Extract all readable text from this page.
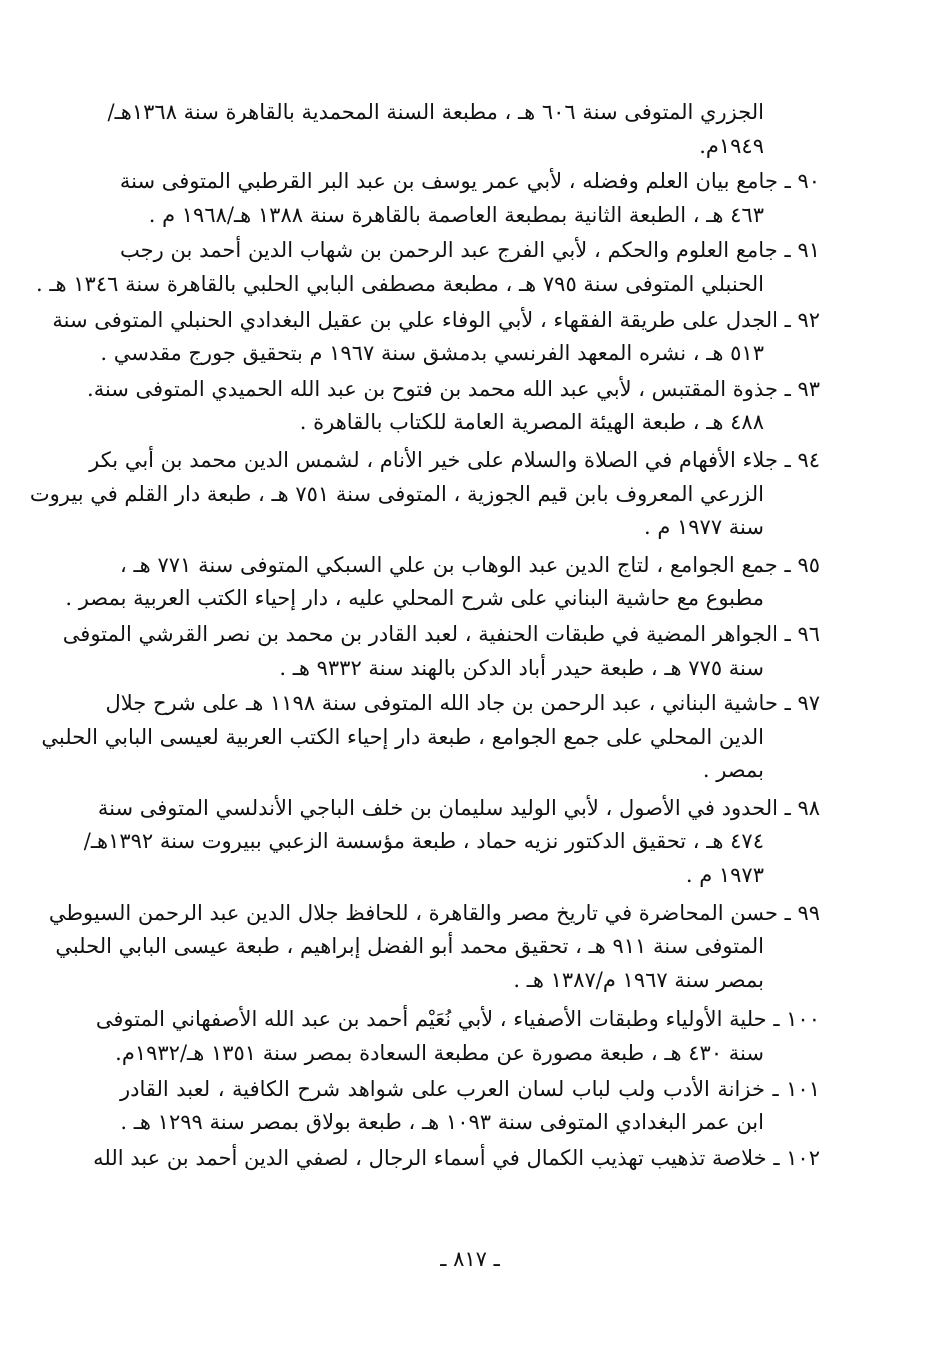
الجزري المتوفى سنة ٦٠٦ هـ ، مطبعة السنة المحمدية بالقاهرة سنة ١٣٦٨هـ/
١٩٤٩م.
٩٠ ـ جامع بيان العلم وفضله ، لأبي عمر يوسف بن عبد البر القرطبي المتوفى سنة
٤٦٣ هـ ، الطبعة الثانية بمطبعة العاصمة بالقاهرة سنة ١٣٨٨ هـ/١٩٦٨ م .
٩١ ـ جامع العلوم والحكم ، لأبي الفرج عبد الرحمن بن شهاب الدين أحمد بن رجب
الحنبلي المتوفى سنة ٧٩٥ هـ ، مطبعة مصطفى البابي الحلبي بالقاهرة سنة ١٣٤٦ هـ .
٩٢ ـ الجدل على طريقة الفقهاء ، لأبي الوفاء علي بن عقيل البغدادي الحنبلي المتوفى سنة
٥١٣ هـ ، نشره المعهد الفرنسي بدمشق سنة ١٩٦٧ م بتحقيق جورج مقدسي .
٩٣ ـ جذوة المقتبس ، لأبي عبد الله محمد بن فتوح بن عبد الله الحميدي المتوفى سنة.
٤٨٨ هـ ، طبعة الهيئة المصرية العامة للكتاب بالقاهرة .
٩٤ ـ جلاء الأفهام في الصلاة والسلام على خير الأنام ، لشمس الدين محمد بن أبي بكر
الزرعي المعروف بابن قيم الجوزية ، المتوفى سنة ٧٥١ هـ ، طبعة دار القلم في بيروت
سنة ١٩٧٧ م .
٩٥ ـ جمع الجوامع ، لتاج الدين عبد الوهاب بن علي السبكي المتوفى سنة ٧٧١ هـ ،
مطبوع مع حاشية البناني على شرح المحلي عليه ، دار إحياء الكتب العربية بمصر .
٩٦ ـ الجواهر المضية في طبقات الحنفية ، لعبد القادر بن محمد بن نصر القرشي المتوفى
سنة ٧٧٥ هـ ، طبعة حيدر أباد الدكن بالهند سنة ٩٣٣٢ هـ .
٩٧ ـ حاشية البناني ، عبد الرحمن بن جاد الله المتوفى سنة ١١٩٨ هـ على شرح جلال
الدين المحلي على جمع الجوامع ، طبعة دار إحياء الكتب العربية لعيسى البابي الحلبي
بمصر .
٩٨ ـ الحدود في الأصول ، لأبي الوليد سليمان بن خلف الباجي الأندلسي المتوفى سنة
٤٧٤ هـ ، تحقيق الدكتور نزيه حماد ، طبعة مؤسسة الزعبي ببيروت سنة ١٣٩٢هـ/
١٩٧٣ م .
٩٩ ـ حسن المحاضرة في تاريخ مصر والقاهرة ، للحافظ جلال الدين عبد الرحمن السيوطي
المتوفى سنة ٩١١ هـ ، تحقيق محمد أبو الفضل إبراهيم ، طبعة عيسى البابي الحلبي
بمصر سنة ١٩٦٧ م/١٣٨٧ هـ .
١٠٠ ـ حلية الأولياء وطبقات الأصفياء ، لأبي نُعَيْم أحمد بن عبد الله الأصفهاني المتوفى
سنة ٤٣٠ هـ ، طبعة مصورة عن مطبعة السعادة بمصر سنة ١٣٥١ هـ/١٩٣٢م.
١٠١ ـ خزانة الأدب ولب لباب لسان العرب على شواهد شرح الكافية ، لعبد القادر
ابن عمر البغدادي المتوفى سنة ١٠٩٣ هـ ، طبعة بولاق بمصر سنة ١٢٩٩ هـ .
١٠٢ ـ خلاصة تذهيب تهذيب الكمال في أسماء الرجال ، لصفي الدين أحمد بن عبد الله
ـ ٨١٧ ـ
